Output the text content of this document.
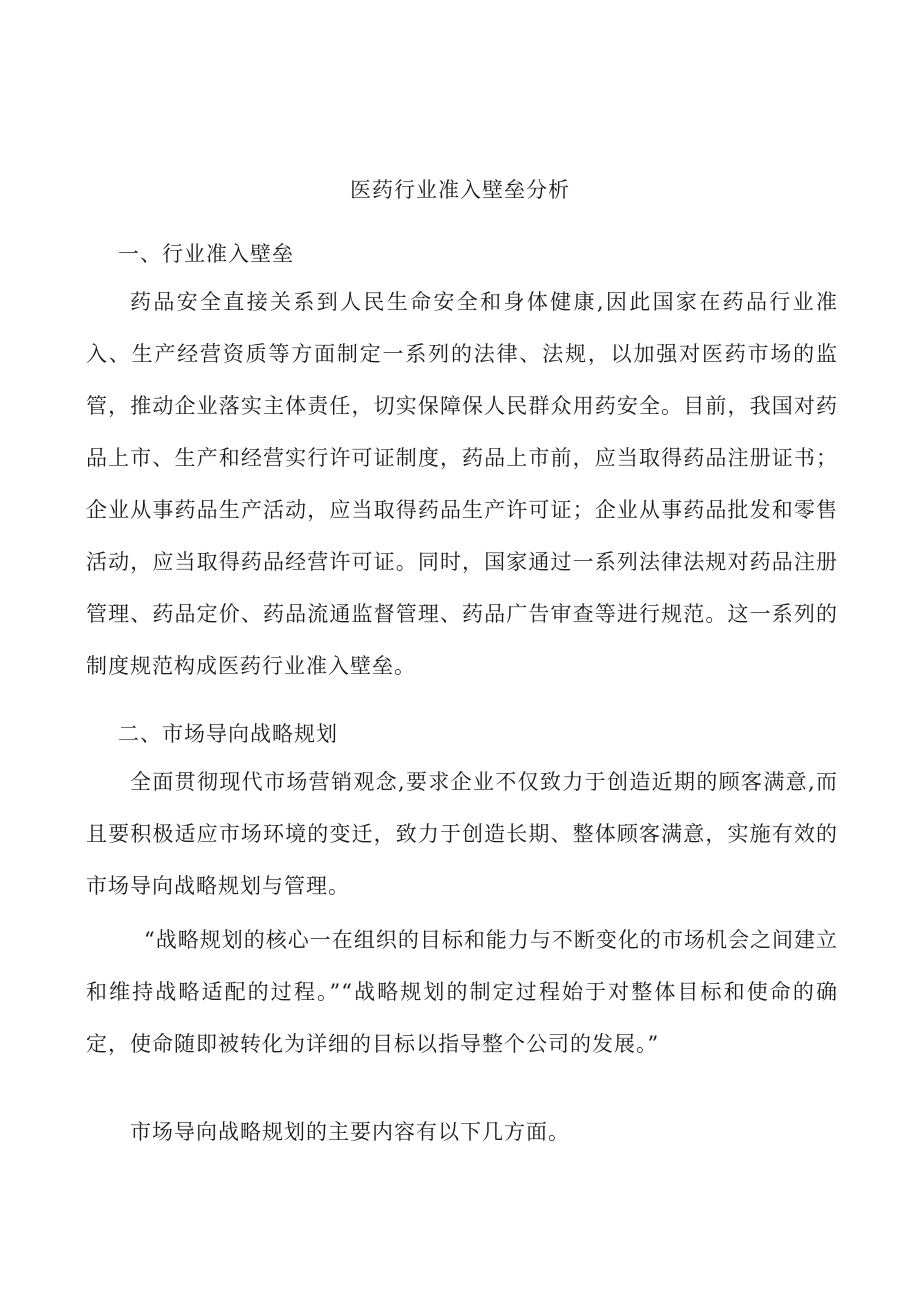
医药行业准入壁垒分析
一、行业准入壁垒

药品安全直接关系到人民生命安全和身体健康,因此国家在药品行业准入、生产经营资质等方面制定一系列的法律、法规，以加强对医药市场的监管，推动企业落实主体责任，切实保障保人民群众用药安全。目前，我国对药品上市、生产和经营实行许可证制度，药品上市前，应当取得药品注册证书；企业从事药品生产活动，应当取得药品生产许可证；企业从事药品批发和零售活动，应当取得药品经营许可证。同时，国家通过一系列法律法规对药品注册管理、药品定价、药品流通监督管理、药品广告审查等进行规范。这一系列的制度规范构成医药行业准入壁垒。

二、市场导向战略规划

全面贯彻现代市场营销观念,要求企业不仅致力于创造近期的顾客满意,而且要积极适应市场环境的变迁，致力于创造长期、整体顾客满意，实施有效的市场导向战略规划与管理。

“战略规划的核心一在组织的目标和能力与不断变化的市场机会之间建立和维持战略适配的过程。”“战略规划的制定过程始于对整体目标和使命的确定，使命随即被转化为详细的目标以指导整个公司的发展。”

市场导向战略规划的主要内容有以下几方面。
